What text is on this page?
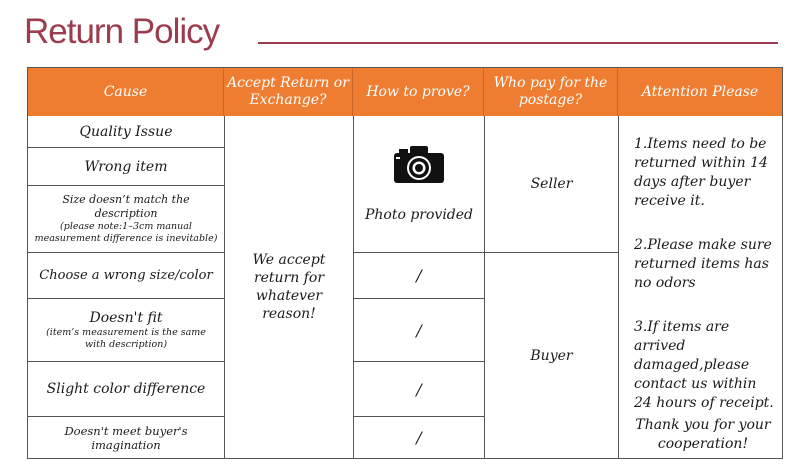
Return Policy
Cause
Accept Return or Exchange?
How to prove?
Who pay for the postage?
Attention Please
Quality Issue
Wrong item
Size doesn’t match the description
(please note:1–3cm manual measurement difference is inevitable)
Choose a wrong size/color
Doesn't fit
(item’s measurement is the same with description)
Slight color difference
Doesn't meet buyer's imagination
We accept return for whatever reason!
Photo provided
/
/
/
/
Seller
Buyer
1.Items need to be returned within 14 days after buyer receive it.
2.Please make sure returned items has no odors
3.If items are arrived damaged,please contact us within 24 hours of receipt.
Thank you for your cooperation!
